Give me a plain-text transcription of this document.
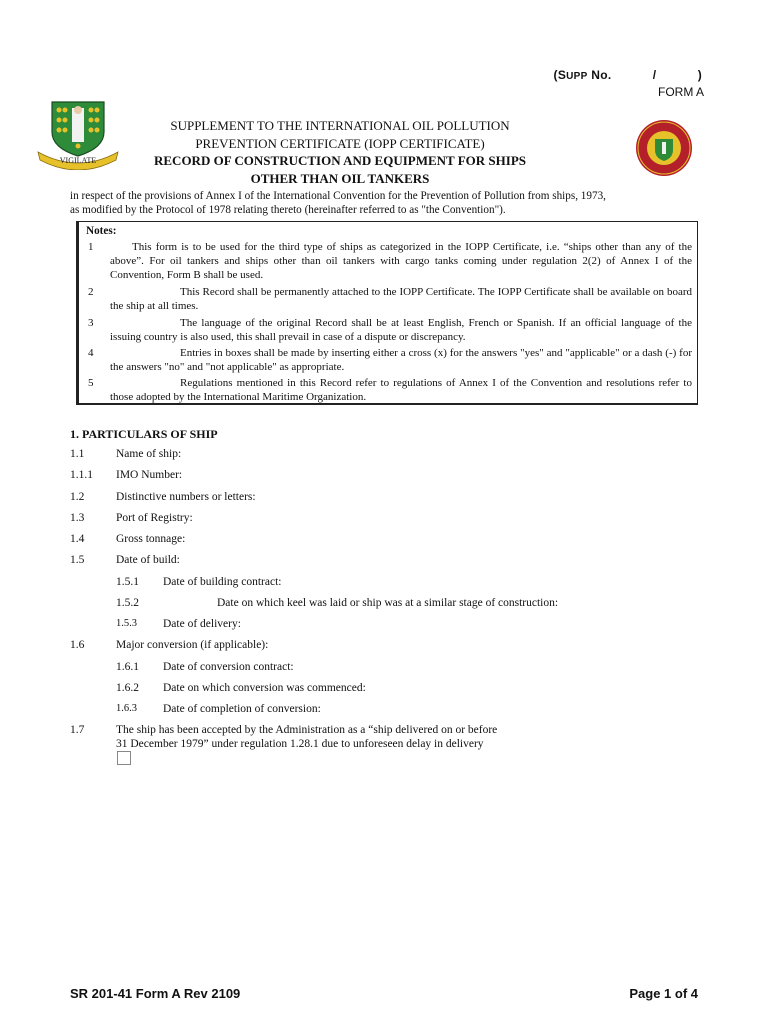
(SUPP No.	/	)
FORM A
VIGILATE
SUPPLEMENT TO THE INTERNATIONAL OIL POLLUTION
PREVENTION CERTIFICATE (IOPP CERTIFICATE)
RECORD OF CONSTRUCTION AND EQUIPMENT FOR SHIPS
OTHER THAN OIL TANKERS
in respect of the provisions of Annex I of the International Convention for the Prevention of Pollution from ships, 1973,
as modified by the Protocol of 1978 relating thereto (hereinafter referred to as "the Convention").
Notes:
1	This form is to be used for the third type of ships as categorized in the IOPP Certificate, i.e. “ships other than any of the above”. For oil tankers and ships other than oil tankers with cargo tanks coming under regulation 2(2) of Annex I of the Convention, Form B shall be used.
2	This Record shall be permanently attached to the IOPP Certificate. The IOPP Certificate shall be available on board the ship at all times.
3	The language of the original Record shall be at least English, French or Spanish. If an official language of the issuing country is also used, this shall prevail in case of a dispute or discrepancy.
4	Entries in boxes shall be made by inserting either a cross (x) for the answers "yes" and "applicable" or a dash (-) for the answers "no" and "not applicable" as appropriate.
5	Regulations mentioned in this Record refer to regulations of Annex I of the Convention and resolutions refer to those adopted by the International Maritime Organization.
1. PARTICULARS OF SHIP
1.1	Name of ship:
1.1.1 IMO Number:
1.2	Distinctive numbers or letters:
1.3	Port of Registry:
1.4	Gross tonnage:
1.5	Date of build:
1.5.1 Date of building contract:
1.5.2	Date on which keel was laid or ship was at a similar stage of construction:
1.5.3 Date of delivery:
1.6	Major conversion (if applicable):
1.6.1 Date of conversion contract:
1.6.2 Date on which conversion was commenced:
1.6.3 Date of completion of conversion:
1.7	The ship has been accepted by the Administration as a “ship delivered on or before
31 December 1979” under regulation 1.28.1 due to unforeseen delay in delivery
SR 201-41 Form A Rev 2109	Page 1 of 4
